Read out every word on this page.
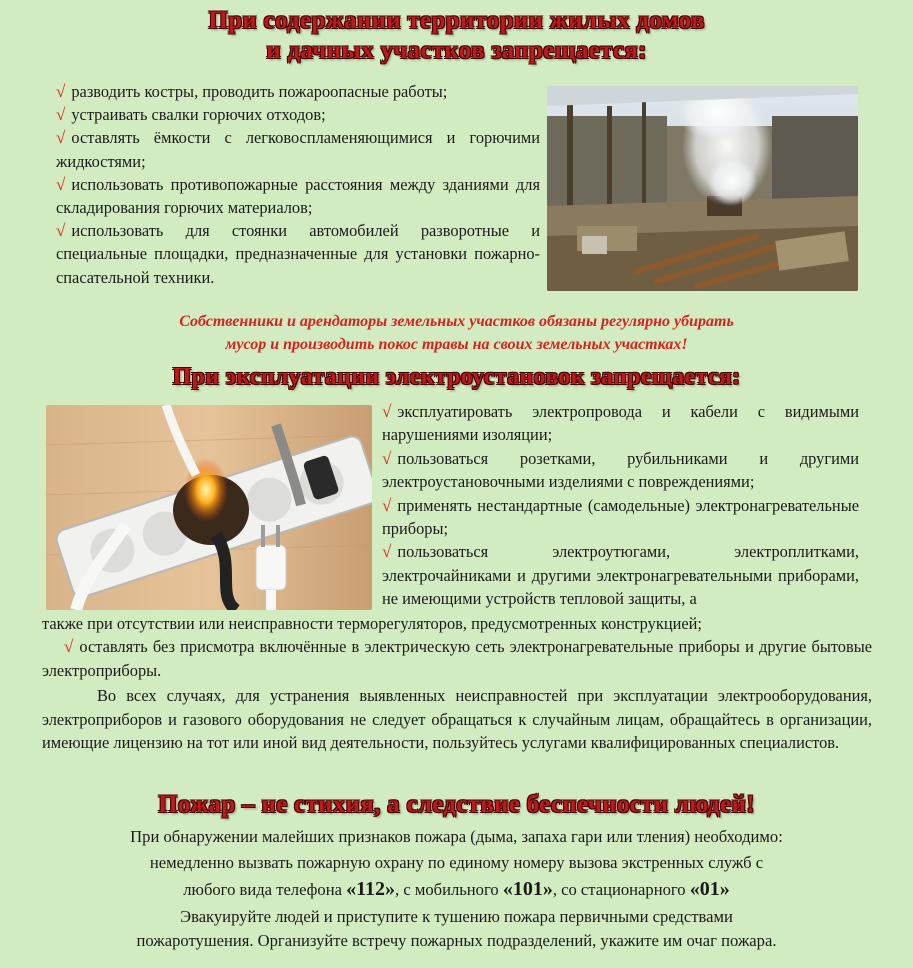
При содержании территории жилых домов
и дачных участков запрещается:

√ разводить костры, проводить пожароопасные работы;

√ устраивать свалки горючих отходов;

√ оставлять ёмкости с легковоспламеняющимися и горючими жидкостями;

√ использовать противопожарные расстояния между зданиями для складирования горючих материалов;

√ использовать для стоянки автомобилей разворотные и специальные площадки, предназначенные для установки пожарно-спасательной техники.

Собственники и арендаторы земельных участков обязаны регулярно убирать
мусор и производить покос травы на своих земельных участках!
При эксплуатации электроустановок запрещается:

√ эксплуатировать электропровода и кабели с видимыми нарушениями изоляции;

√ пользоваться розетками, рубильниками и другими электроустановочными изделиями с повреждениями;

√ применять нестандартные (самодельные) электронагревательные приборы;

√ пользоваться электроутюгами, электроплитками, электрочайниками и другими электронагревательными приборами, не имеющими устройств тепловой защиты, а

также при отсутствии или неисправности терморегуляторов, предусмотренных конструкцией;

√ оставлять без присмотра включённые в электрическую сеть электронагревательные приборы и другие бытовые электроприборы.

Во всех случаях, для устранения выявленных неисправностей при эксплуатации электрооборудования, электроприборов и газового оборудования не следует обращаться к случайным лицам, обращайтесь в организации, имеющие лицензию на тот или иной вид деятельности, пользуйтесь услугами квалифицированных специалистов.

Пожар – не стихия, а следствие беспечности людей!

При обнаружении малейших признаков пожара (дыма, запаха гари или тления) необходимо:

немедленно вызвать пожарную охрану по единому номеру вызова экстренных служб с

любого вида телефона «112», с мобильного «101», со стационарного «01»

Эвакуируйте людей и приступите к тушению пожара первичными средствами

пожаротушения. Организуйте встречу пожарных подразделений, укажите им очаг пожара.
